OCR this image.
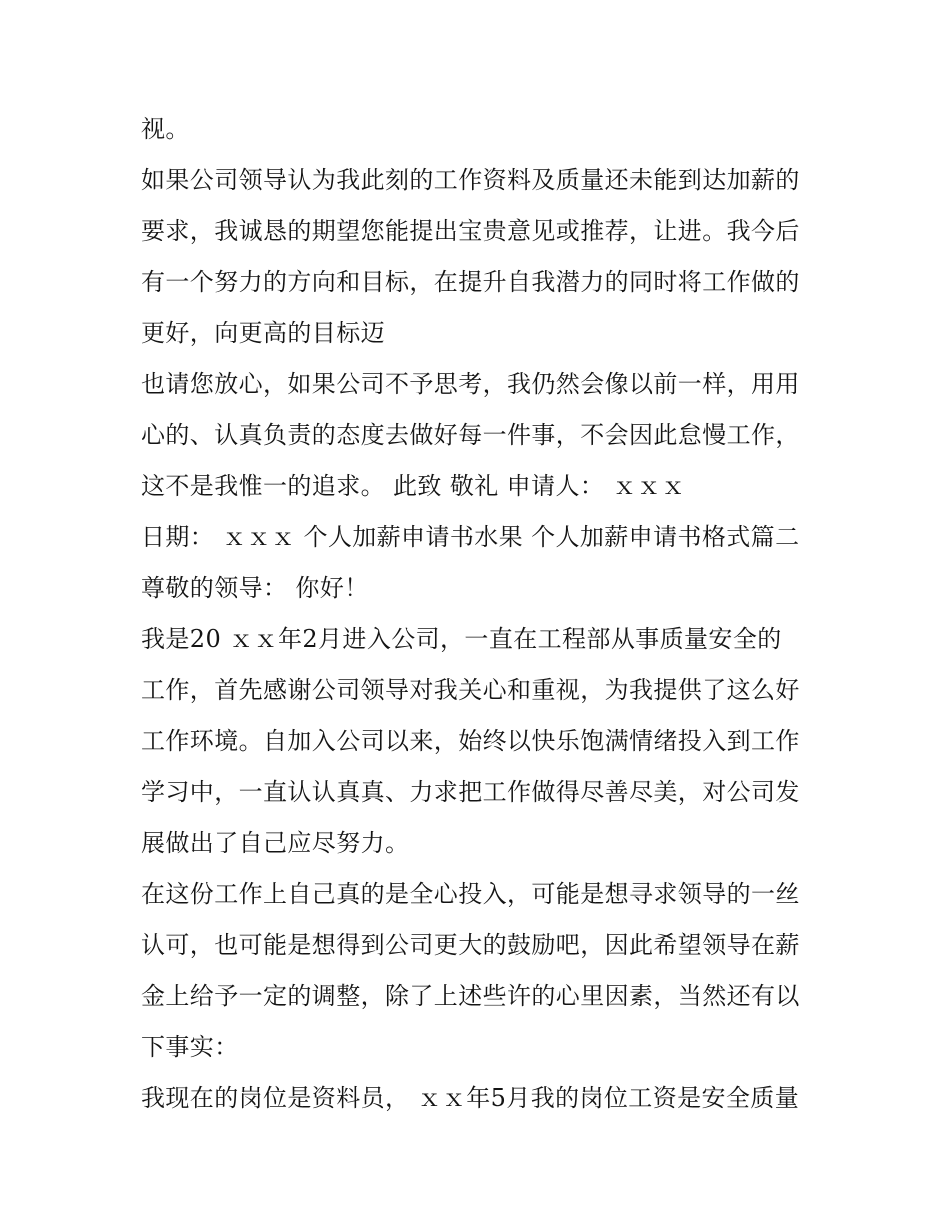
视。
如果公司领导认为我此刻的工作资料及质量还未能到达加薪的
要求，我诚恳的期望您能提出宝贵意见或推荐，让进。我今后
有一个努力的方向和目标，在提升自我潜力的同时将工作做的
更好，向更高的目标迈
也请您放心，如果公司不予思考，我仍然会像以前一样，用用
心的、认真负责的态度去做好每一件事，不会因此怠慢工作，
这不是我惟一的追求。 此致 敬礼 申请人： ｘｘｘ
日期： ｘｘｘ 个人加薪申请书水果 个人加薪申请书格式篇二
尊敬的领导： 你好！
我是20 ｘｘ年2月进入公司，一直在工程部从事质量安全的
工作，首先感谢公司领导对我关心和重视，为我提供了这么好
工作环境。自加入公司以来，始终以快乐饱满情绪投入到工作
学习中，一直认认真真、力求把工作做得尽善尽美，对公司发
展做出了自己应尽努力。
在这份工作上自己真的是全心投入，可能是想寻求领导的一丝
认可，也可能是想得到公司更大的鼓励吧，因此希望领导在薪
金上给予一定的调整，除了上述些许的心里因素，当然还有以
下事实：
我现在的岗位是资料员， ｘｘ年5月我的岗位工资是安全质量
